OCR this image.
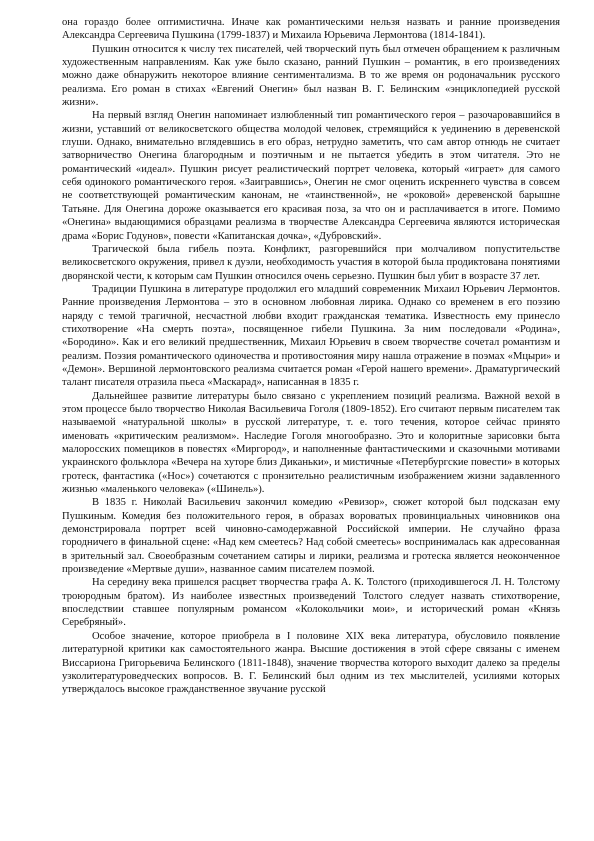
она гораздо более оптимистична. Иначе как романтическими нельзя назвать и ранние произведения Александра Сергеевича Пушкина (1799-1837) и Михаила Юрьевича Лермонтова (1814-1841).

Пушкин относится к числу тех писателей, чей творческий путь был отмечен обращением к различным художественным направлениям. Как уже было сказано, ранний Пушкин – романтик, в его произведениях можно даже обнаружить некоторое влияние сентиментализма. В то же время он родоначальник русского реализма. Его роман в стихах «Евгений Онегин» был назван В. Г. Белинским «энциклопедией русской жизни».

На первый взгляд Онегин напоминает излюбленный тип романтического героя – разочаровавшийся в жизни, уставший от великосветского общества молодой человек, стремящийся к уединению в деревенской глуши. Однако, внимательно вглядевшись в его образ, нетрудно заметить, что сам автор отнюдь не считает затворничество Онегина благородным и поэтичным и не пытается убедить в этом читателя. Это не романтический «идеал». Пушкин рисует реалистический портрет человека, который «играет» для самого себя одинокого романтического героя. «Заигравшись», Онегин не смог оценить искреннего чувства в совсем не соответствующей романтическим канонам, не «таинственной», не «роковой» деревенской барышне Татьяне. Для Онегина дороже оказывается его красивая поза, за что он и расплачивается в итоге. Помимо «Онегина» выдающимися образцами реализма в творчестве Александра Сергеевича являются историческая драма «Борис Годунов», повести «Капитанская дочка», «Дубровский».

Трагической была гибель поэта. Конфликт, разгоревшийся при молчаливом попустительстве великосветского окружения, привел к дуэли, необходимость участия в которой была продиктована понятиями дворянской чести, к которым сам Пушкин относился очень серьезно. Пушкин был убит в возрасте 37 лет.

Традиции Пушкина в литературе продолжил его младший современник Михаил Юрьевич Лермонтов. Ранние произведения Лермонтова – это в основном любовная лирика. Однако со временем в его поэзию наряду с темой трагичной, несчастной любви входит гражданская тематика. Известность ему принесло стихотворение «На смерть поэта», посвященное гибели Пушкина. За ним последовали «Родина», «Бородино». Как и его великий предшественник, Михаил Юрьевич в своем творчестве сочетал романтизм и реализм. Поэзия романтического одиночества и противостояния миру нашла отражение в поэмах «Мцыри» и «Демон». Вершиной лермонтовского реализма считается роман «Герой нашего времени». Драматургический талант писателя отразила пьеса «Маскарад», написанная в 1835 г.

Дальнейшее развитие литературы было связано с укреплением позиций реализма. Важной вехой в этом процессе было творчество Николая Васильевича Гоголя (1809-1852). Его считают первым писателем так называемой «натуральной школы» в русской литературе, т. е. того течения, которое сейчас принято именовать «критическим реализмом». Наследие Гоголя многообразно. Это и колоритные зарисовки быта малоросских помещиков в повестях «Миргород», и наполненные фантастическими и сказочными мотивами украинского фольклора «Вечера на хуторе близ Диканьки», и мистичные «Петербургские повести» в которых гротеск, фантастика («Нос») сочетаются с пронзительно реалистичным изображением жизни задавленного жизнью «маленького человека» («Шинель»).

В 1835 г. Николай Васильевич закончил комедию «Ревизор», сюжет которой был подсказан ему Пушкиным. Комедия без положительного героя, в образах вороватых провинциальных чиновников она демонстрировала портрет всей чиновно-самодержавной Российской империи. Не случайно фраза городничего в финальной сцене: «Над кем смеетесь? Над собой смеетесь» воспринималась как адресованная в зрительный зал. Своеобразным сочетанием сатиры и лирики, реализма и гротеска является неоконченное произведение «Мертвые души», названное самим писателем поэмой.

На середину века пришелся расцвет творчества графа А. К. Толстого (приходившегося Л. Н. Толстому троюродным братом). Из наиболее известных произведений Толстого следует назвать стихотворение, впоследствии ставшее популярным романсом «Колокольчики мои», и исторический роман «Князь Серебряный».

Особое значение, которое приобрела в I половине XIX века литература, обусловило появление литературной критики как самостоятельного жанра. Высшие достижения в этой сфере связаны с именем Виссариона Григорьевича Белинского (1811-1848), значение творчества которого выходит далеко за пределы узколитературоведческих вопросов. В. Г. Белинский был одним из тех мыслителей, усилиями которых утверждалось высокое гражданственное звучание русской
